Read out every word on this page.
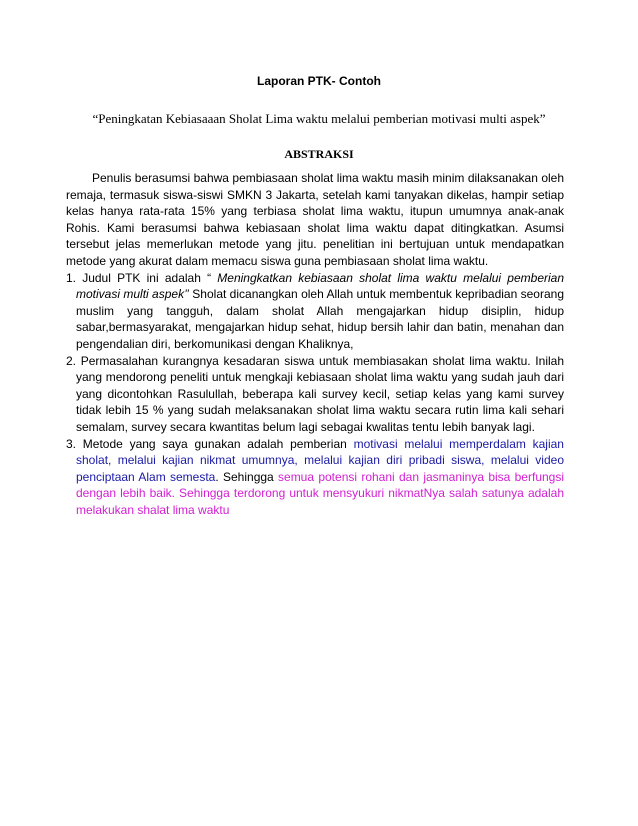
Laporan PTK- Contoh
“Peningkatan Kebiasaaan Sholat Lima waktu melalui pemberian motivasi multi aspek”
ABSTRAKSI

Penulis berasumsi bahwa pembiasaan sholat lima waktu masih minim dilaksanakan oleh remaja, termasuk siswa-siswi SMKN 3 Jakarta, setelah kami tanyakan dikelas, hampir setiap kelas hanya rata-rata 15% yang terbiasa sholat lima waktu, itupun umumnya anak-anak Rohis. Kami berasumsi bahwa kebiasaan sholat lima waktu dapat ditingkatkan. Asumsi tersebut jelas memerlukan metode yang jitu. penelitian ini bertujuan untuk mendapatkan metode yang akurat dalam memacu siswa guna pembiasaan sholat lima waktu.

1. Judul PTK ini adalah “ Meningkatkan kebiasaan sholat lima waktu melalui pemberian motivasi multi aspek’’ Sholat dicanangkan oleh Allah untuk membentuk kepribadian seorang muslim yang tangguh, dalam sholat Allah mengajarkan hidup disiplin, hidup sabar,bermasyarakat, mengajarkan hidup sehat, hidup bersih lahir dan batin, menahan dan pengendalian diri, berkomunikasi dengan Khaliknya,
2. Permasalahan kurangnya kesadaran siswa untuk membiasakan sholat lima waktu. Inilah yang mendorong peneliti untuk mengkaji kebiasaan sholat lima waktu yang sudah jauh dari yang dicontohkan Rasulullah, beberapa kali survey kecil, setiap kelas yang kami survey tidak lebih 15 % yang sudah melaksanakan sholat lima waktu secara rutin lima kali sehari semalam, survey secara kwantitas belum lagi sebagai kwalitas tentu lebih banyak lagi.
3. Metode yang saya gunakan adalah pemberian motivasi melalui memperdalam kajian sholat, melalui kajian nikmat umumnya, melalui kajian diri pribadi siswa, melalui video penciptaan Alam semesta. Sehingga semua potensi rohani dan jasmaninya bisa berfungsi dengan lebih baik. Sehingga terdorong untuk mensyukuri nikmatNya salah satunya adalah melakukan shalat lima waktu
